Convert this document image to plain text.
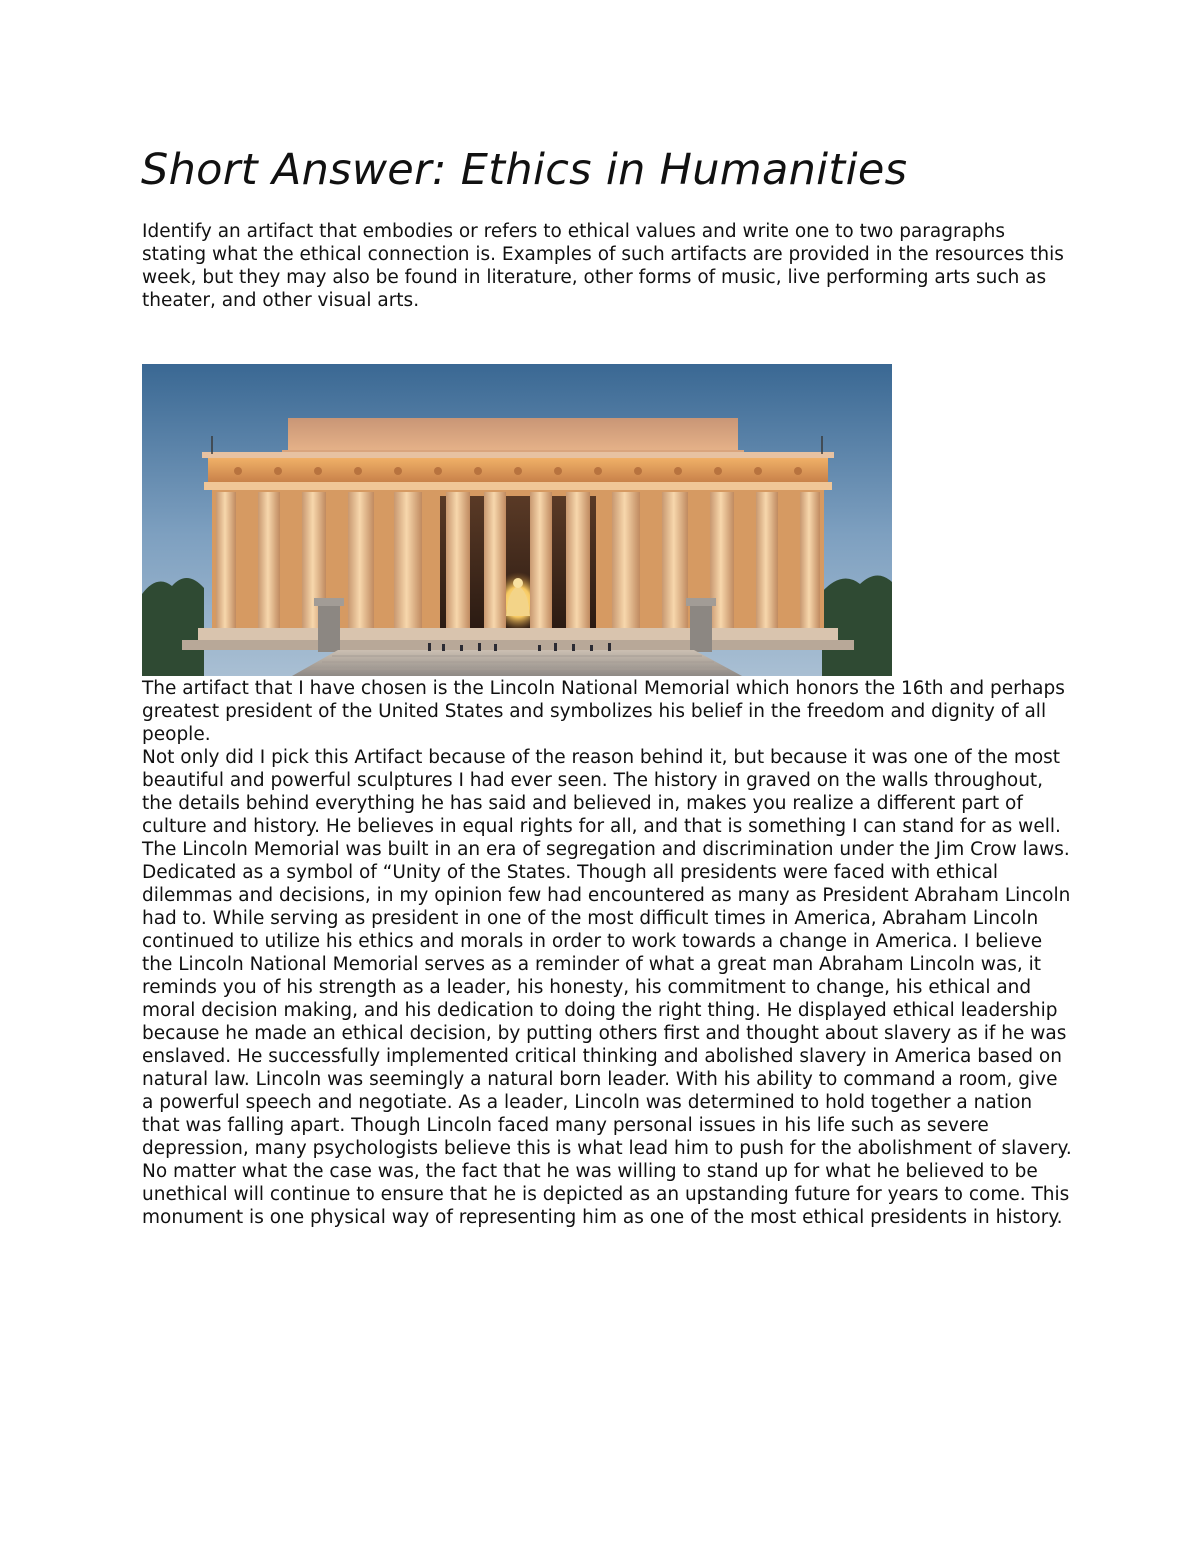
Short Answer: Ethics in Humanities

Identify an artifact that embodies or refers to ethical values and write one to two paragraphs stating what the ethical connection is. Examples of such artifacts are provided in the resources this week, but they may also be found in literature, other forms of music, live performing arts such as theater, and other visual arts.

The artifact that I have chosen is the Lincoln National Memorial which honors the 16th and perhaps greatest president of the United States and symbolizes his belief in the freedom and dignity of all people.

Not only did I pick this Artifact because of the reason behind it, but because it was one of the most beautiful and powerful sculptures I had ever seen. The history in graved on the walls throughout, the details behind everything he has said and believed in, makes you realize a different part of culture and history. He believes in equal rights for all, and that is something I can stand for as well. The Lincoln Memorial was built in an era of segregation and discrimination under the Jim Crow laws. Dedicated as a symbol of “Unity of the States. Though all presidents were faced with ethical dilemmas and decisions, in my opinion few had encountered as many as President Abraham Lincoln had to. While serving as president in one of the most difficult times in America, Abraham Lincoln continued to utilize his ethics and morals in order to work towards a change in America. I believe the Lincoln National Memorial serves as a reminder of what a great man Abraham Lincoln was, it reminds you of his strength as a leader, his honesty, his commitment to change, his ethical and moral decision making, and his dedication to doing the right thing. He displayed ethical leadership because he made an ethical decision, by putting others first and thought about slavery as if he was enslaved. He successfully implemented critical thinking and abolished slavery in America based on natural law. Lincoln was seemingly a natural born leader. With his ability to command a room, give a powerful speech and negotiate. As a leader, Lincoln was determined to hold together a nation that was falling apart. Though Lincoln faced many personal issues in his life such as severe depression, many psychologists believe this is what lead him to push for the abolishment of slavery. No matter what the case was, the fact that he was willing to stand up for what he believed to be unethical will continue to ensure that he is depicted as an upstanding future for years to come. This monument is one physical way of representing him as one of the most ethical presidents in history.
